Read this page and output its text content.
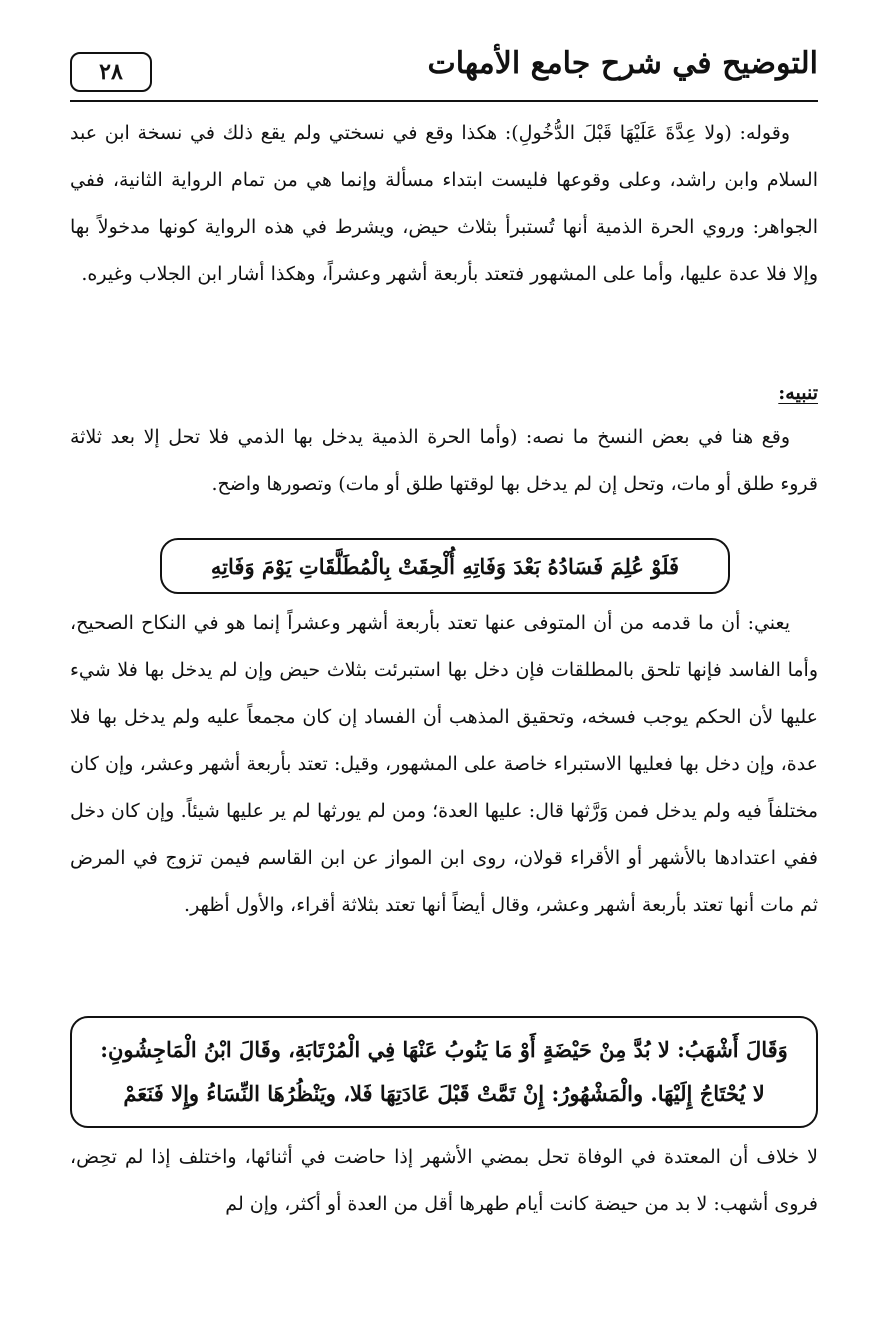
التوضيح في شرح جامع الأمهات
٢٨

وقوله: (ولا عِدَّةَ عَلَيْهَا قَبْلَ الدُّخُولِ): هكذا وقع في نسختي ولم يقع ذلك في نسخة ابن عبد السلام وابن راشد، وعلى وقوعها فليست ابتداء مسألة وإنما هي من تمام الرواية الثانية، ففي الجواهر: وروي الحرة الذمية أنها تُستبرأ بثلاث حيض، ويشرط في هذه الرواية كونها مدخولاً بها وإلا فلا عدة عليها، وأما على المشهور فتعتد بأربعة أشهر وعشراً، وهكذا أشار ابن الجلاب وغيره.

تنبيه:

وقع هنا في بعض النسخ ما نصه: (وأما الحرة الذمية يدخل بها الذمي فلا تحل إلا بعد ثلاثة قروء طلق أو مات، وتحل إن لم يدخل بها لوقتها طلق أو مات) وتصورها واضح.

فَلَوْ عُلِمَ فَسَادُهُ بَعْدَ وَفَاتِهِ أُلْحِقَتْ بِالْمُطَلَّقَاتِ يَوْمَ وَفَاتِهِ

يعني: أن ما قدمه من أن المتوفى عنها تعتد بأربعة أشهر وعشراً إنما هو في النكاح الصحيح، وأما الفاسد فإنها تلحق بالمطلقات فإن دخل بها استبرئت بثلاث حيض وإن لم يدخل بها فلا شيء عليها لأن الحكم يوجب فسخه، وتحقيق المذهب أن الفساد إن كان مجمعاً عليه ولم يدخل بها فلا عدة، وإن دخل بها فعليها الاستبراء خاصة على المشهور، وقيل: تعتد بأربعة أشهر وعشر، وإن كان مختلفاً فيه ولم يدخل فمن وَرَّثها قال: عليها العدة؛ ومن لم يورثها لم ير عليها شيئاً. وإن كان دخل ففي اعتدادها بالأشهر أو الأقراء قولان، روى ابن المواز عن ابن القاسم فيمن تزوج في المرض ثم مات أنها تعتد بأربعة أشهر وعشر، وقال أيضاً أنها تعتد بثلاثة أقراء، والأول أظهر.

وَقَالَ أَشْهَبُ: لا بُدَّ مِنْ حَيْضَةٍ أَوْ مَا يَنُوبُ عَنْهَا فِي الْمُرْتَابَةِ، وقَالَ ابْنُ الْمَاجِشُونِ:
لا يُحْتَاجُ إِلَيْهَا. والْمَشْهُورُ: إِنْ تَمَّتْ قَبْلَ عَادَتِهَا فَلا، ويَنْظُرُهَا النِّسَاءُ وإِلا فَنَعَمْ

لا خلاف أن المعتدة في الوفاة تحل بمضي الأشهر إذا حاضت في أثنائها، واختلف إذا لم تحِض، فروى أشهب: لا بد من حيضة كانت أيام طهرها أقل من العدة أو أكثر، وإن لم
